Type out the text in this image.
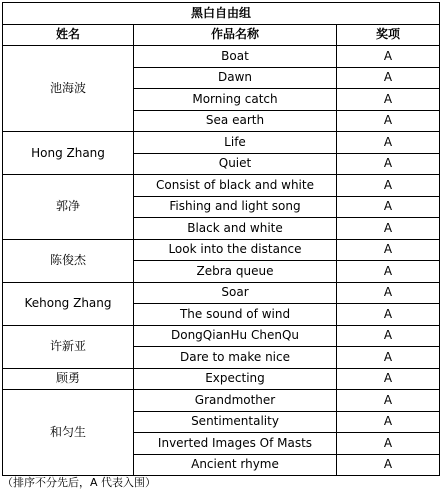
黑白自由组		
姓名	作品名称	奖项
池海波	Boat	A
	Dawn	A
	Morning catch	A
	Sea earth	A
Hong Zhang	Life	A
	Quiet	A
郭净	Consist of black and white	A
	Fishing and light song	A
	Black and white	A
陈俊杰	Look into the distance	A
	Zebra queue	A
Kehong Zhang	Soar	A
	The sound of wind	A
许新亚	DongQianHu ChenQu	A
	Dare to make nice	A
顾勇	Expecting	A
和匀生	Grandmother	A
	Sentimentality	A
	Inverted Images Of Masts	A
	Ancient rhyme	A
（排序不分先后，A 代表入围）
